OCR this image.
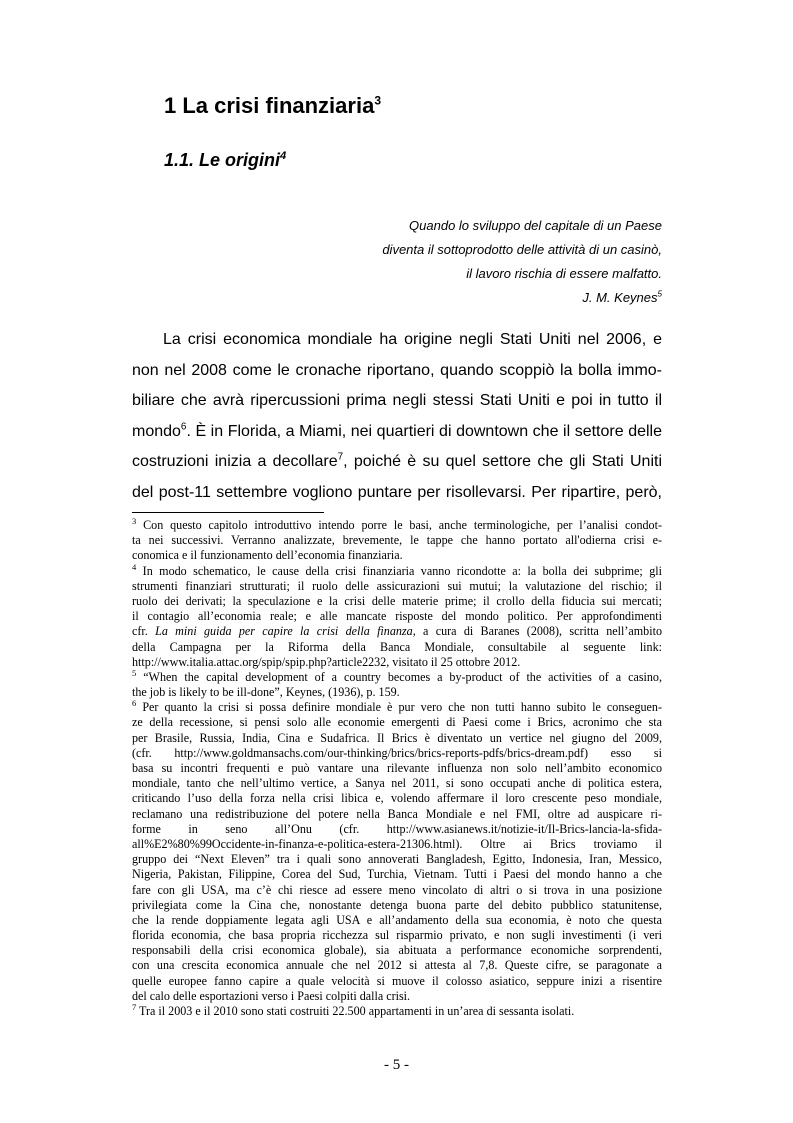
1 La crisi finanziaria$^3$
1.1. Le origini$^4$
Quando lo sviluppo del capitale di un Paese
diventa il sottoprodotto delle attività di un casinò,
il lavoro rischia di essere malfatto.
J. M. Keynes$^5$
La crisi economica mondiale ha origine negli Stati Uniti nel 2006, e
non nel 2008 come le cronache riportano, quando scoppiò la bolla immo-
biliare che avrà ripercussioni prima negli stessi Stati Uniti e poi in tutto il
mondo$^6$. È in Florida, a Miami, nei quartieri di downtown che il settore delle
costruzioni inizia a decollare$^7$, poiché è su quel settore che gli Stati Uniti
del post-11 settembre vogliono puntare per risollevarsi. Per ripartire, però,
$^3$ Con questo capitolo introduttivo intendo porre le basi, anche terminologiche, per l’analisi condot-
ta nei successivi. Verranno analizzate, brevemente, le tappe che hanno portato all'odierna crisi e-
conomica e il funzionamento dell’economia finanziaria.
$^4$ In modo schematico, le cause della crisi finanziaria vanno ricondotte a: la bolla dei subprime; gli
strumenti finanziari strutturati; il ruolo delle assicurazioni sui mutui; la valutazione del rischio; il
ruolo dei derivati; la speculazione e la crisi delle materie prime; il crollo della fiducia sui mercati;
il contagio all’economia reale; e alle mancate risposte del mondo politico. Per approfondimenti
cfr. La mini guida per capire la crisi della finanza, a cura di Baranes (2008), scritta nell’ambito
della Campagna per la Riforma della Banca Mondiale, consultabile al seguente link:
http://www.italia.attac.org/spip/spip.php?article2232, visitato il 25 ottobre 2012.
$^5$ “When the capital development of a country becomes a by-product of the activities of a casino,
the job is likely to be ill-done”, Keynes, (1936), p. 159.
$^6$ Per quanto la crisi si possa definire mondiale è pur vero che non tutti hanno subito le conseguen-
ze della recessione, si pensi solo alle economie emergenti di Paesi come i Brics, acronimo che sta
per Brasile, Russia, India, Cina e Sudafrica. Il Brics è diventato un vertice nel giugno del 2009,
(cfr. http://www.goldmansachs.com/our-thinking/brics/brics-reports-pdfs/brics-dream.pdf) esso si
basa su incontri frequenti e può vantare una rilevante influenza non solo nell’ambito economico
mondiale, tanto che nell’ultimo vertice, a Sanya nel 2011, si sono occupati anche di politica estera,
criticando l’uso della forza nella crisi libica e, volendo affermare il loro crescente peso mondiale,
reclamano una redistribuzione del potere nella Banca Mondiale e nel FMI, oltre ad auspicare ri-
forme in seno all’Onu (cfr. http://www.asianews.it/notizie-it/Il-Brics-lancia-la-sfida-
all%E2%80%99Occidente-in-finanza-e-politica-estera-21306.html). Oltre ai Brics troviamo il
gruppo dei “Next Eleven” tra i quali sono annoverati Bangladesh, Egitto, Indonesia, Iran, Messico,
Nigeria, Pakistan, Filippine, Corea del Sud, Turchia, Vietnam. Tutti i Paesi del mondo hanno a che
fare con gli USA, ma c’è chi riesce ad essere meno vincolato di altri o si trova in una posizione
privilegiata come la Cina che, nonostante detenga buona parte del debito pubblico statunitense,
che la rende doppiamente legata agli USA e all’andamento della sua economia, è noto che questa
florida economia, che basa propria ricchezza sul risparmio privato, e non sugli investimenti (i veri
responsabili della crisi economica globale), sia abituata a performance economiche sorprendenti,
con una crescita economica annuale che nel 2012 si attesta al 7,8. Queste cifre, se paragonate a
quelle europee fanno capire a quale velocità si muove il colosso asiatico, seppure inizi a risentire
del calo delle esportazioni verso i Paesi colpiti dalla crisi.
$^7$ Tra il 2003 e il 2010 sono stati costruiti 22.500 appartamenti in un’area di sessanta isolati.
- 5 -
